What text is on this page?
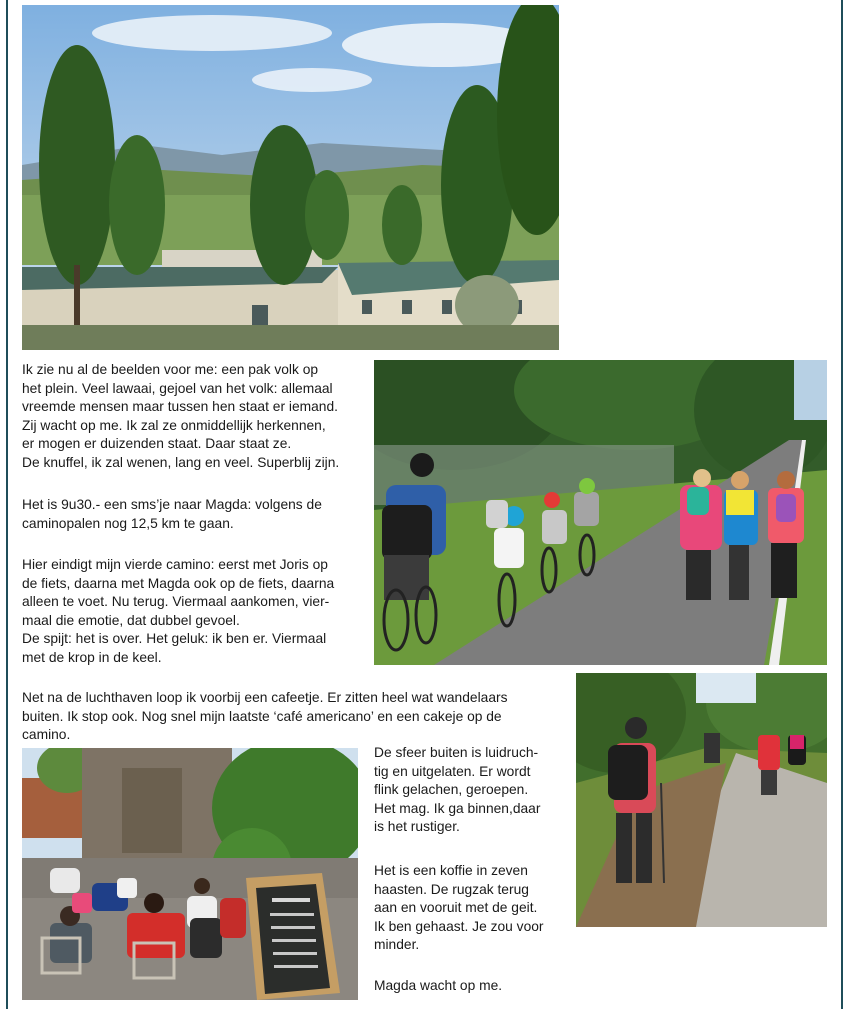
Ik zie nu al de beelden voor me: een pak volk op
het plein. Veel lawaai, gejoel van het volk: allemaal
vreemde mensen maar tussen hen staat er iemand.
Zij wacht op me. Ik zal ze onmiddellijk herkennen,
er mogen er duizenden staat. Daar staat ze.
De knuffel, ik zal wenen, lang en veel. Superblij zijn.

Het is 9u30.- een sms’je naar Magda: volgens de
caminopalen nog 12,5 km te gaan.

Hier eindigt mijn vierde camino: eerst met Joris op
de fiets, daarna met Magda ook op de fiets, daarna
alleen te voet. Nu terug. Viermaal aankomen, vier-
maal die emotie, dat dubbel gevoel.
De spijt: het is over. Het geluk: ik ben er. Viermaal
met de krop in de keel.

Net na de luchthaven loop ik voorbij een cafeetje. Er zitten heel wat wandelaars
buiten. Ik stop ook. Nog snel mijn laatste ‘café americano’ en een cakeje op de
camino.

De sfeer buiten is luidruch-
tig en uitgelaten. Er wordt
flink gelachen, geroepen.
Het mag. Ik ga binnen,daar
is het rustiger.

Het is een koffie in zeven
haasten. De rugzak terug
aan en vooruit met de geit.
Ik ben gehaast. Je zou voor
minder.

Magda wacht op me.
